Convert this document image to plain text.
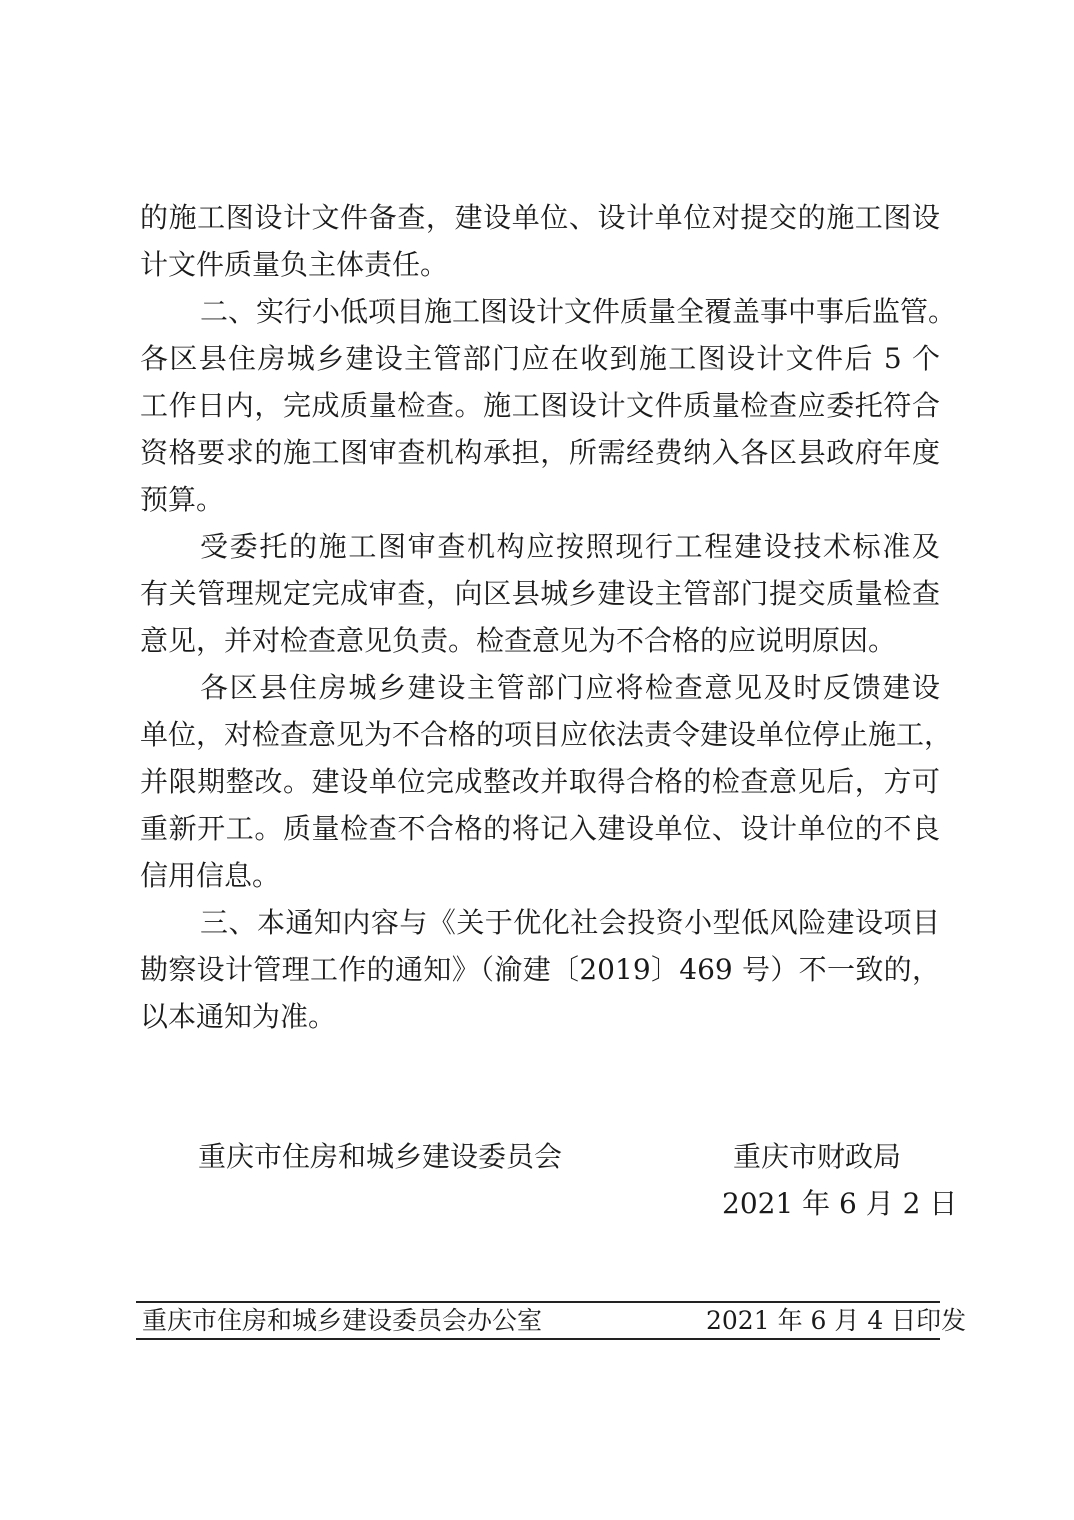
的施工图设计文件备查，建设单位、设计单位对提交的施工图设
计文件质量负主体责任。
二、实行小低项目施工图设计文件质量全覆盖事中事后监管。
各区县住房城乡建设主管部门应在收到施工图设计文件后 5 个
工作日内，完成质量检查。施工图设计文件质量检查应委托符合
资格要求的施工图审查机构承担，所需经费纳入各区县政府年度
预算。
受委托的施工图审查机构应按照现行工程建设技术标准及
有关管理规定完成审查，向区县城乡建设主管部门提交质量检查
意见，并对检查意见负责。检查意见为不合格的应说明原因。
各区县住房城乡建设主管部门应将检查意见及时反馈建设
单位，对检查意见为不合格的项目应依法责令建设单位停止施工，
并限期整改。建设单位完成整改并取得合格的检查意见后，方可
重新开工。质量检查不合格的将记入建设单位、设计单位的不良
信用信息。
三、本通知内容与《关于优化社会投资小型低风险建设项目
勘察设计管理工作的通知》（渝建〔2019〕469 号）不一致的，
以本通知为准。
重庆市住房和城乡建设委员会	重庆市财政局
2021 年 6 月 2 日
重庆市住房和城乡建设委员会办公室	2021 年 6 月 4 日印发
